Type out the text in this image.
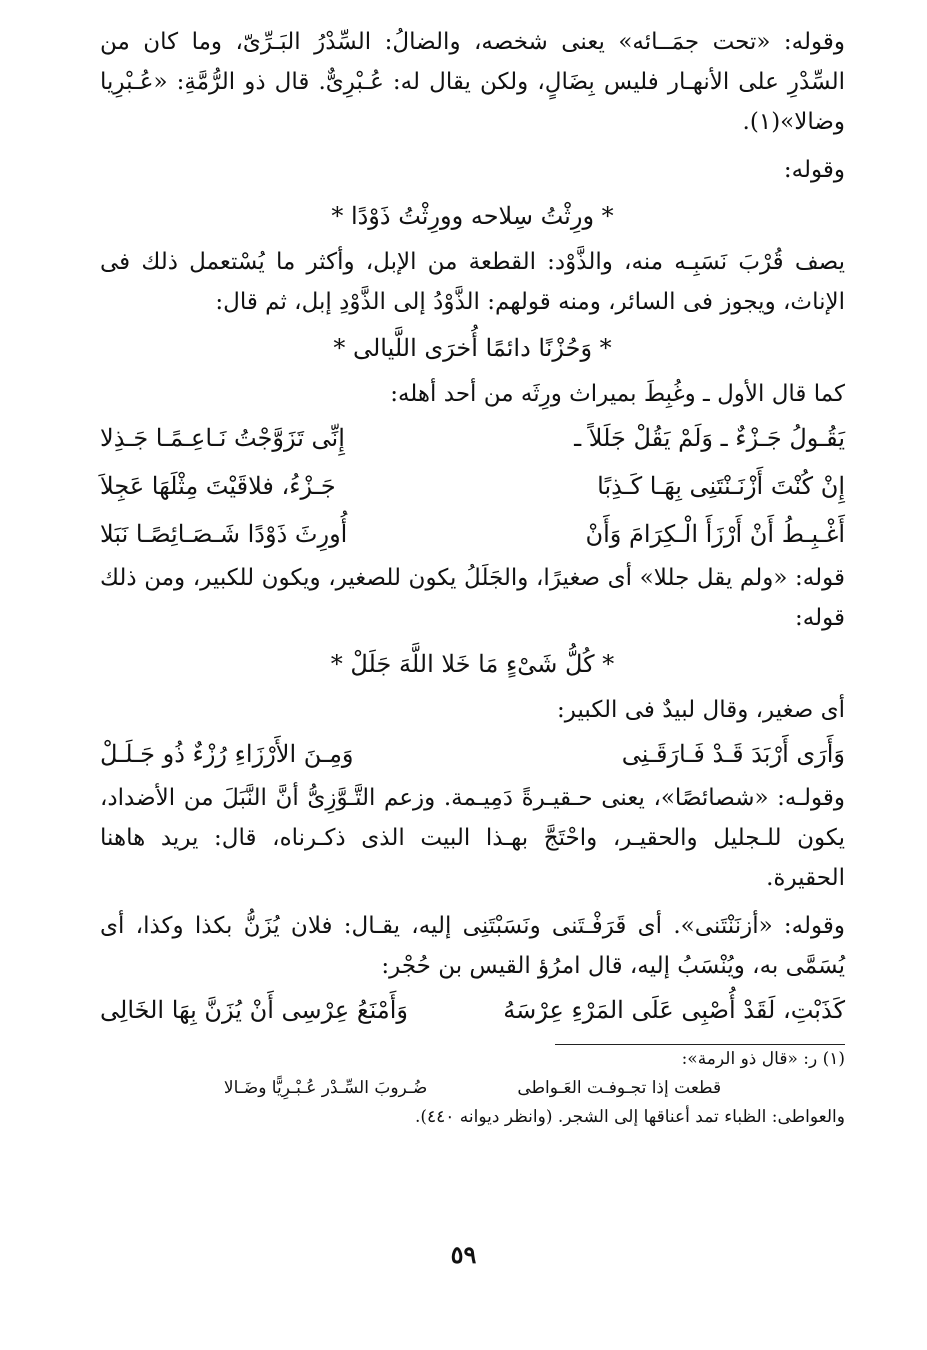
وقوله: «تحت جمَــائه» يعنى شخصه، والضالُ: السِّدْرُ البَـرِّىّ، وما كان من السِّدْرِ على الأنهـار فليس بِضَالٍ، ولكن يقال له: عُـبْرِىٌّ. قال ذو الرُّمَّةِ: «عُـبْرِيا وضالا»(١).

وقوله:

* ورِثْتُ سِلاحه وورِثْتُ ذَوْدًا *

يصف قُرْبَ نَسَبِـه منه، والذَّوْد: القطعة من الإبل، وأكثر ما يُسْتعمل ذلك فى الإناث، ويجوز فى السائر، ومنه قولهم: الذَّوْدُ إلى الذَّوْدِ إبل، ثم قال:

* وَحُزْنًا دائمًا أُخرَى اللَّيالى *

كما قال الأول ـ وغُبِطَ بميراث ورِثَه من أحد أهله:

يَقُـولُ جَـزْءٌ ـ وَلَمْ يَقُلْ جَلَلاً ـ
إِنِّى تَزَوَّجْتُ نَـاعِـمًـا جَـذِلا
إِنْ كُنْتَ أَزْنَـنْتَنِى بِهَـا كَـذِبًا
جَـزْءُ، فلاقَيْتَ مِثْلَهَا عَجِلاَ
أَغْـبِـطُ أَنْ أَرْزَأَ الْـكِرَامَ وَأَنْ
أُورِثَ ذَوْدًا شَـصَـائِصًـا نَبَلا

قوله: «ولم يقل جللا» أى صغيرًا، والجَلَلُ يكون للصغير، ويكون للكبير، ومن ذلك قوله:

* كُلُّ شَىْءٍ مَا خَلا اللَّهَ جَلَلْ *

أى صغير، وقال لبيدٌ فى الكبير:

وَأَرَى أَرْبَدَ قَـدْ فَـارَقَـنِى
وَمِـنَ الأَرْزَاءِ رُزْءٌ ذُو جَـلَـلْ

وقولـه: «شصائصًا»، يعنى حـقيـرةً دَمِيـمة. وزعم التَّـوَّزِىُّ أنَّ النَّبَلَ من الأضداد، يكون للـجليل والحقيـر، واحْتَجَّ بهـذا البيت الذى ذكـرناه، قال: يريد هاهنا الحقيرة.

وقوله: «أزنَنْتَنى». أى قَرَفْـتَنى ونَسَبْتَنِى إليه، يقـال: فلان يُزَنُّ بكذا وكذا، أى يُسَمَّى به، ويُنْسَبُ إليه، قال امرُؤ القيس بن حُجْر:

كَذَبْتِ، لَقَدْ أُصْبِى عَلَى المَرْءِ عِرْسَهُ
وَأَمْنَعُ عِرْسِى أَنْ يُزَنَّ بِهَا الخَالِى

(١) ر: «قال ذو الرمة»:

قطعت إذا تجـوفـت العَـواطى
ضُـروبَ السِّـدْر عُـبْـرِيًّا وضَـالا

والعواطى: الظباء تمد أعناقها إلى الشجر. (وانظر ديوانه ٤٤٠).

٥٩
